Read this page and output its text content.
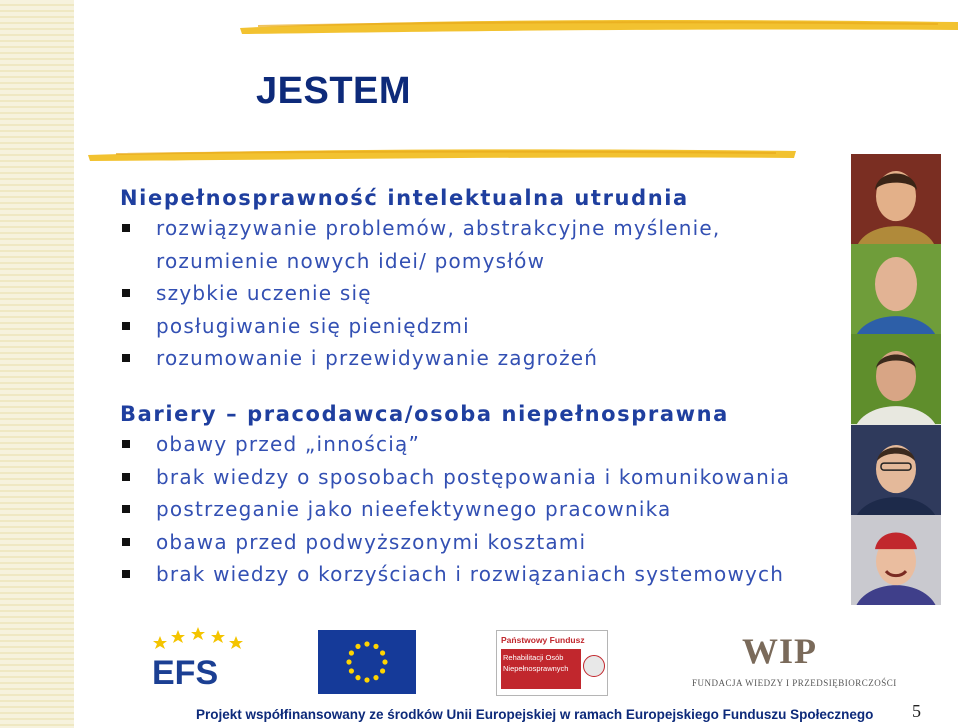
JESTEM
Niepełnosprawność intelektualna utrudnia
rozwiązywanie problemów, abstrakcyjne myślenie,
rozumienie nowych idei/ pomysłów
szybkie uczenie się
posługiwanie się pieniędzmi
rozumowanie i przewidywanie zagrożeń
Bariery – pracodawca/osoba niepełnosprawna
obawy przed „innością”
brak wiedzy o sposobach postępowania i komunikowania
postrzeganie jako nieefektywnego pracownika
obawa przed podwyższonymi kosztami
brak wiedzy o korzyściach i rozwiązaniach systemowych
EFS
Państwowy Fundusz
Rehabilitacji Osób
Niepełnosprawnych	WIP
FUNDACJA WIEDZY I PRZEDSIĘBIORCZOŚCI
Projekt współfinansowany ze środków Unii Europejskiej w ramach Europejskiego Funduszu Społecznego 5
